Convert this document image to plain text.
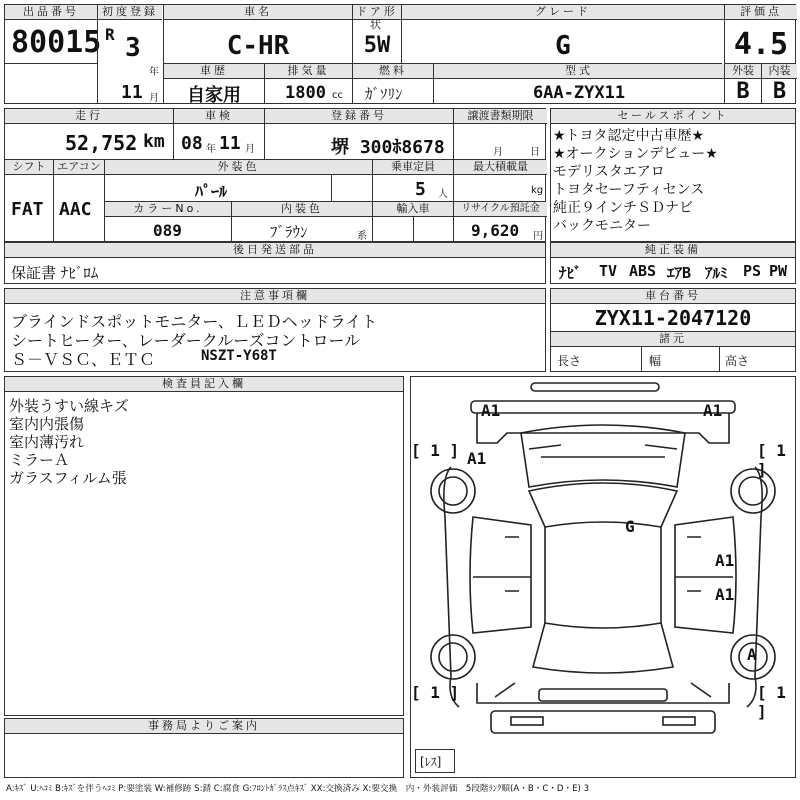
出品番号
80015
初度登録
R 3
年
11 月
車名
C-HR
ドア形状
5W
グレード
G
評価点
4.5
車歴
自家用
排気量
1800 cc
燃料
ｶﾞｿﾘﾝ
型式
6AA-ZYX11
外装	内装
B	B
走行
52,752 km
車検
08 年 11 月
登録番号
堺 300ﾎ8678
譲渡書類期限
月	日
シフト
FAT
エアコン
AAC
外装色
ﾊﾟｰﾙ
乗車定員
5 人
最大積載量
kg
カラーNo.
089
内装色
ﾌﾞﾗｳﾝ	系
輸入車	リサイクル預託金
9,620 円
セールスポイント
★トヨタ認定中古車歴★
★オークションデビュー★
モデリスタエアロ
トヨタセーフティセンス
純正９インチＳＤナビ
バックモニター
後日発送部品
保証書 ﾅﾋﾞﾛﾑ
純正装備
ﾅﾋﾞ TV ABS ｴｱB ｱﾙﾐ PS PW
注意事項欄
ブラインドスポットモニター、ＬＥＤヘッドライト
シートヒーター、レーダークルーズコントロール
Ｓ－ＶＳＣ、ＥＴＣ	NSZT-Y68T
車台番号
ZYX11-2047120
諸元
長さ	幅	高さ
検査員記入欄
外装うすい線キズ
室内内張傷
室内薄汚れ
ミラーＡ
ガラスフィルム張
事務局よりご案内
A1	A1
A1
G
A1
A1
A
[ 1 ]	[ 1 ]
[ 1 ]	[ 1 ]
[ﾚｽ]
A:ｷｽﾞ U:ﾍｺﾐ B:ｷｽﾞを伴うﾍｺﾐ P:要塗装 W:補修跡 S:錆 C:腐食 G:ﾌﾛﾝﾄｶﾞﾗｽ点ｷｽﾞ XX:交換済み X:要交換　内・外装評価　5段階ﾗﾝｸ順(A・B・C・D・E) 3
